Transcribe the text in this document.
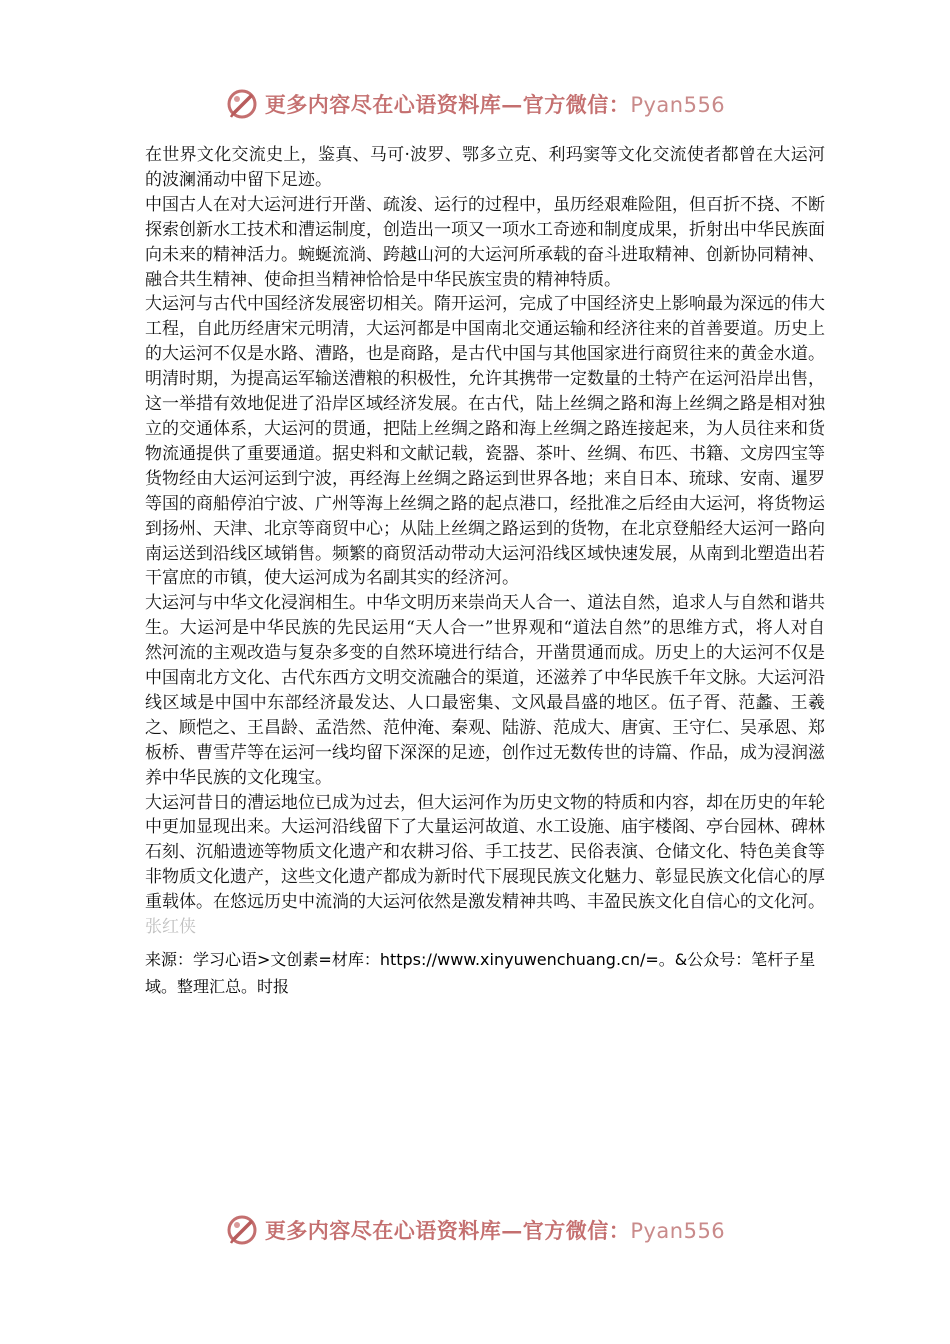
更多内容尽在心语资料库—官方微信：Pyan556

在世界文化交流史上，鉴真、马可·波罗、鄂多立克、利玛窦等文化交流使者都曾在大运河的波澜涌动中留下足迹。

中国古人在对大运河进行开凿、疏浚、运行的过程中，虽历经艰难险阻，但百折不挠、不断探索创新水工技术和漕运制度，创造出一项又一项水工奇迹和制度成果，折射出中华民族面向未来的精神活力。蜿蜒流淌、跨越山河的大运河所承载的奋斗进取精神、创新协同精神、融合共生精神、使命担当精神恰恰是中华民族宝贵的精神特质。

大运河与古代中国经济发展密切相关。隋开运河，完成了中国经济史上影响最为深远的伟大工程，自此历经唐宋元明清，大运河都是中国南北交通运输和经济往来的首善要道。历史上的大运河不仅是水路、漕路，也是商路，是古代中国与其他国家进行商贸往来的黄金水道。

明清时期，为提高运军输送漕粮的积极性，允许其携带一定数量的土特产在运河沿岸出售，这一举措有效地促进了沿岸区域经济发展。在古代，陆上丝绸之路和海上丝绸之路是相对独立的交通体系，大运河的贯通，把陆上丝绸之路和海上丝绸之路连接起来，为人员往来和货物流通提供了重要通道。据史料和文献记载，瓷器、茶叶、丝绸、布匹、书籍、文房四宝等货物经由大运河运到宁波，再经海上丝绸之路运到世界各地；来自日本、琉球、安南、暹罗等国的商船停泊宁波、广州等海上丝绸之路的起点港口，经批准之后经由大运河，将货物运到扬州、天津、北京等商贸中心；从陆上丝绸之路运到的货物，在北京登船经大运河一路向南运送到沿线区域销售。频繁的商贸活动带动大运河沿线区域快速发展，从南到北塑造出若干富庶的市镇，使大运河成为名副其实的经济河。

大运河与中华文化浸润相生。中华文明历来崇尚天人合一、道法自然，追求人与自然和谐共生。大运河是中华民族的先民运用“天人合一”世界观和“道法自然”的思维方式，将人对自然河流的主观改造与复杂多变的自然环境进行结合，开凿贯通而成。历史上的大运河不仅是中国南北方文化、古代东西方文明交流融合的渠道，还滋养了中华民族千年文脉。大运河沿线区域是中国中东部经济最发达、人口最密集、文风最昌盛的地区。伍子胥、范蠡、王羲之、顾恺之、王昌龄、孟浩然、范仲淹、秦观、陆游、范成大、唐寅、王守仁、吴承恩、郑板桥、曹雪芹等在运河一线均留下深深的足迹，创作过无数传世的诗篇、作品，成为浸润滋养中华民族的文化瑰宝。

大运河昔日的漕运地位已成为过去，但大运河作为历史文物的特质和内容，却在历史的年轮中更加显现出来。大运河沿线留下了大量运河故道、水工设施、庙宇楼阁、亭台园林、碑林石刻、沉船遗迹等物质文化遗产和农耕习俗、手工技艺、民俗表演、仓储文化、特色美食等非物质文化遗产，这些文化遗产都成为新时代下展现民族文化魅力、彰显民族文化信心的厚重载体。在悠远历史中流淌的大运河依然是激发精神共鸣、丰盈民族文化自信心的文化河。

张红侠

来源：学习心语>文创素=材库：https://www.xinyuwenchuang.cn/=。&公众号：笔杆子星域。整理汇总。时报

更多内容尽在心语资料库—官方微信：Pyan556
